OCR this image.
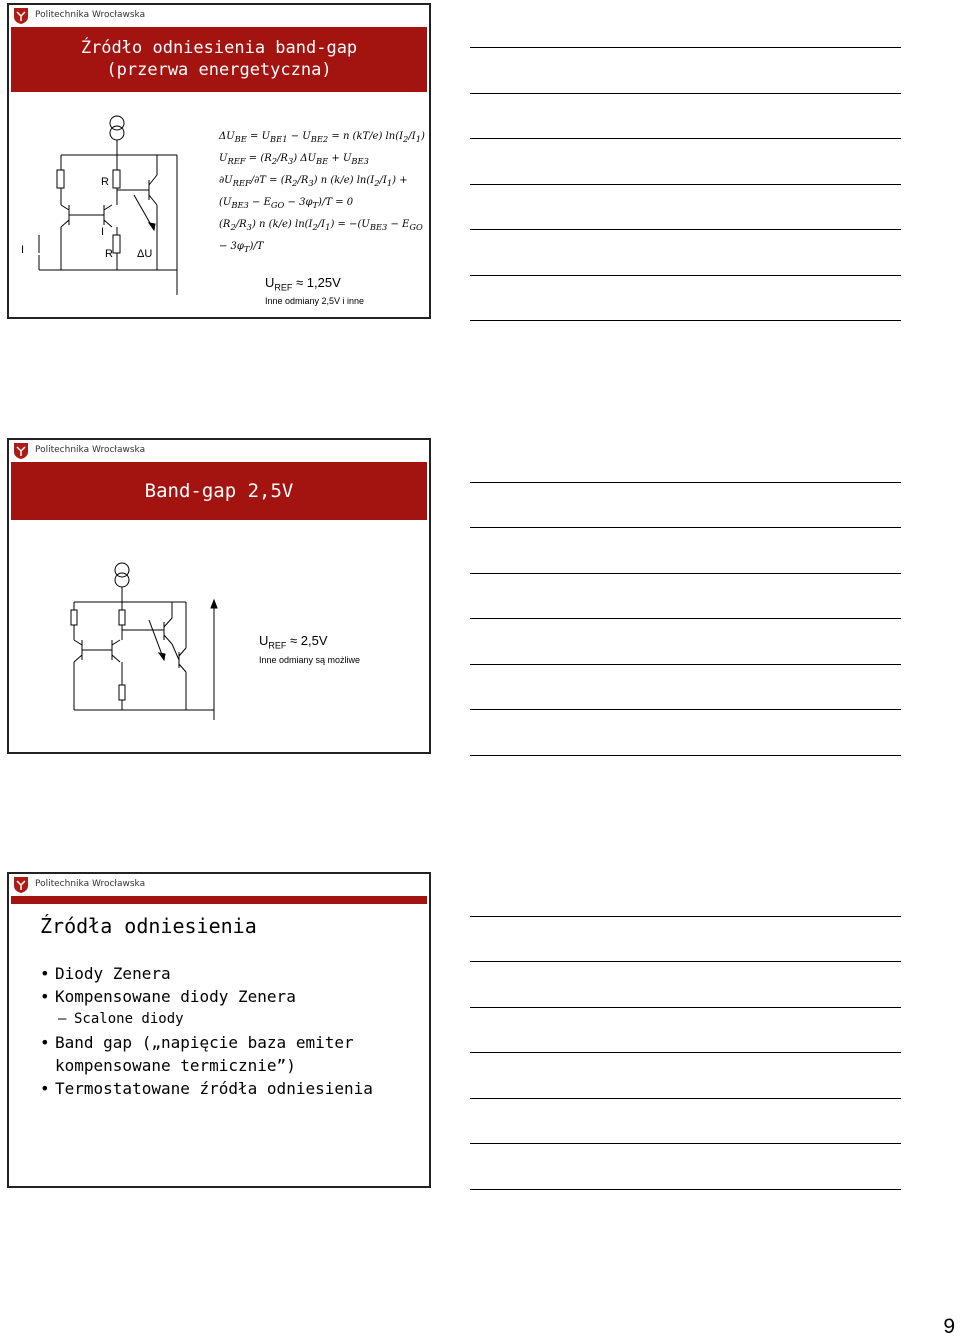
Politechnika Wrocławska
Źródło odniesienia band-gap
(przerwa energetyczna)
R
R
I
I	ΔU
$\Delta U_{BE} = U_{BE1} - U_{BE2} = n$ (kT/e) $\ln(I_2/I_1)$
$U_{REF} = (R_2/R_3) \Delta U_{BE} + U_{BE3}$
$\partial U_{REF}/\partial T = (R_2/R_3)$ n (k/e) $\ln(I_2/I_1) + (U_{BE3} - E_{GO} - 3\varphi_T)/T = 0$
$(R_2/R_3)$ n (k/e) $\ln(I_2/I_1) = -(U_{BE3} - E_{GO} - 3\varphi_T)/T$
$U_{REF} \approx 1,25V$
Inne odmiany 2,5V i inne
Politechnika Wrocławska
Band-gap 2,5V
$U_{REF} \approx 2,5V$
Inne odmiany są możliwe
Politechnika Wrocławska
Źródła odniesienia
• Diody Zenera
• Kompensowane diody Zenera
– Scalone diody
• Band gap („napięcie baza emiter kompensowane termicznie”)
• Termostatowane źródła odniesienia
9
